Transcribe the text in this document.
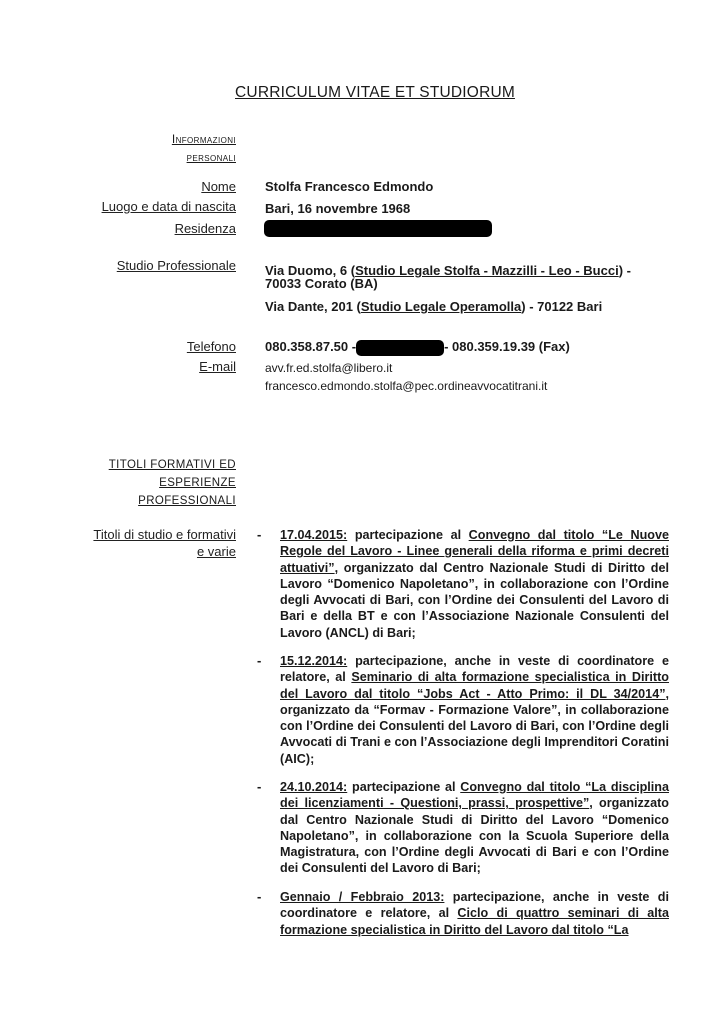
CURRICULUM VITAE ET STUDIORUM
Informazioni
personali
Nome Stolfa Francesco Edmondo
Luogo e data di nascita Bari, 16 novembre 1968
Residenza
Studio Professionale Via Duomo, 6 (Studio Legale Stolfa - Mazzilli - Leo - Bucci) -
70033 Corato (BA)
Via Dante, 201 (Studio Legale Operamolla) - 70122 Bari
Telefono 080.358.87.50 -	- 080.359.19.39 (Fax)
E-mail avv.fr.ed.stolfa@libero.it
francesco.edmondo.stolfa@pec.ordineavvocatitrani.it
TITOLI FORMATIVI ED
ESPERIENZE
PROFESSIONALI
Titoli di studio e formativi
e varie
- 17.04.2015: partecipazione al Convegno dal titolo “Le Nuove Regole del Lavoro - Linee generali della riforma e primi decreti attuativi”, organizzato dal Centro Nazionale Studi di Diritto del Lavoro “Domenico Napoletano”, in collaborazione con l’Ordine degli Avvocati di Bari, con l’Ordine dei Consulenti del Lavoro di Bari e della BT e con l’Associazione Nazionale Consulenti del Lavoro (ANCL) di Bari;
- 15.12.2014: partecipazione, anche in veste di coordinatore e relatore, al Seminario di alta formazione specialistica in Diritto del Lavoro dal titolo “Jobs Act - Atto Primo: il DL 34/2014”, organizzato da “Formav - Formazione Valore”, in collaborazione con l’Ordine dei Consulenti del Lavoro di Bari, con l’Ordine degli Avvocati di Trani e con l’Associazione degli Imprenditori Coratini (AIC);
- 24.10.2014: partecipazione al Convegno dal titolo “La disciplina dei licenziamenti - Questioni, prassi, prospettive”, organizzato dal Centro Nazionale Studi di Diritto del Lavoro “Domenico Napoletano”, in collaborazione con la Scuola Superiore della Magistratura, con l’Ordine degli Avvocati di Bari e con l’Ordine dei Consulenti del Lavoro di Bari;
- Gennaio / Febbraio 2013: partecipazione, anche in veste di coordinatore e relatore, al Ciclo di quattro seminari di alta formazione specialistica in Diritto del Lavoro dal titolo “La
